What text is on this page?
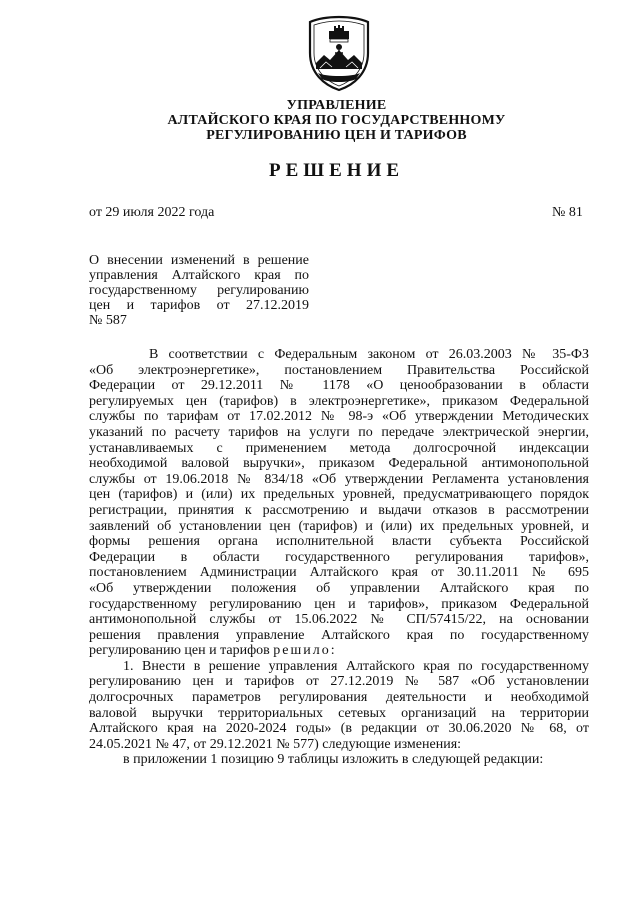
УПРАВЛЕНИЕ
АЛТАЙСКОГО КРАЯ ПО ГОСУДАРСТВЕННОМУ
РЕГУЛИРОВАНИЮ ЦЕН И ТАРИФОВ
РЕШЕНИЕ
от 29 июля 2022 года	№ 81
О внесении изменений в решение
управления Алтайского края по
государственному регулированию
цен и тарифов от 27.12.2019
№ 587
В соответствии с Федеральным законом от 26.03.2003 № 35-ФЗ
«Об электроэнергетике», постановлением Правительства Российской
Федерации от 29.12.2011 № 1178 «О ценообразовании в области
регулируемых цен (тарифов) в электроэнергетике», приказом Федеральной
службы по тарифам от 17.02.2012 № 98-э «Об утверждении Методических
указаний по расчету тарифов на услуги по передаче электрической энергии,
устанавливаемых с применением метода долгосрочной индексации
необходимой валовой выручки», приказом Федеральной антимонопольной
службы от 19.06.2018 № 834/18 «Об утверждении Регламента установления
цен (тарифов) и (или) их предельных уровней, предусматривающего порядок
регистрации, принятия к рассмотрению и выдачи отказов в рассмотрении
заявлений об установлении цен (тарифов) и (или) их предельных уровней, и
формы решения органа исполнительной власти субъекта Российской
Федерации в области государственного регулирования тарифов»,
постановлением Администрации Алтайского края от 30.11.2011 № 695
«Об утверждении положения об управлении Алтайского края по
государственному регулированию цен и тарифов», приказом Федеральной
антимонопольной службы от 15.06.2022 № СП/57415/22, на основании
решения правления управление Алтайского края по государственному
регулированию цен и тарифов решило:
1. Внести в решение управления Алтайского края по государственному
регулированию цен и тарифов от 27.12.2019 № 587 «Об установлении
долгосрочных параметров регулирования деятельности и необходимой
валовой выручки территориальных сетевых организаций на территории
Алтайского края на 2020-2024 годы» (в редакции от 30.06.2020 № 68, от
24.05.2021 № 47, от 29.12.2021 № 577) следующие изменения:
в приложении 1 позицию 9 таблицы изложить в следующей редакции:
